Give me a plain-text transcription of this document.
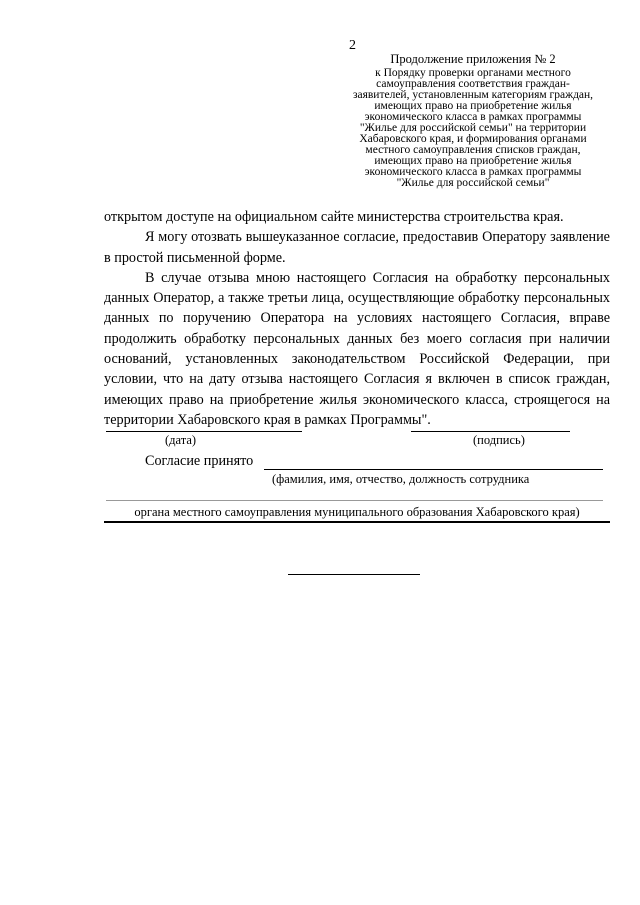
2
Продолжение приложения № 2
к Порядку проверки органами местного
самоуправления соответствия граждан-
заявителей, установленным категориям граждан,
имеющих право на приобретение жилья
экономического класса в рамках программы
"Жилье для российской семьи" на территории
Хабаровского края, и формирования органами
местного самоуправления списков граждан,
имеющих право на приобретение жилья
экономического класса в рамках программы
"Жилье для российской семьи"

открытом доступе на официальном сайте министерства строительства края.

Я могу отозвать вышеуказанное согласие, предоставив Оператору заявление в простой письменной форме.

В случае отзыва мною настоящего Согласия на обработку персональных данных Оператор, а также третьи лица, осуществляющие обработку персональных данных по поручению Оператора на условиях настоящего Согласия, вправе продолжить обработку персональных данных без моего согласия при наличии оснований, установленных законодательством Российской Федерации, при условии, что на дату отзыва настоящего Согласия я включен в список граждан, имеющих право на приобретение жилья экономического класса, строящегося на территории Хабаровского края в рамках Программы".

(дата)	(подпись)
Согласие принято
(фамилия, имя, отчество, должность сотрудника
органа местного самоуправления муниципального образования Хабаровского края)
